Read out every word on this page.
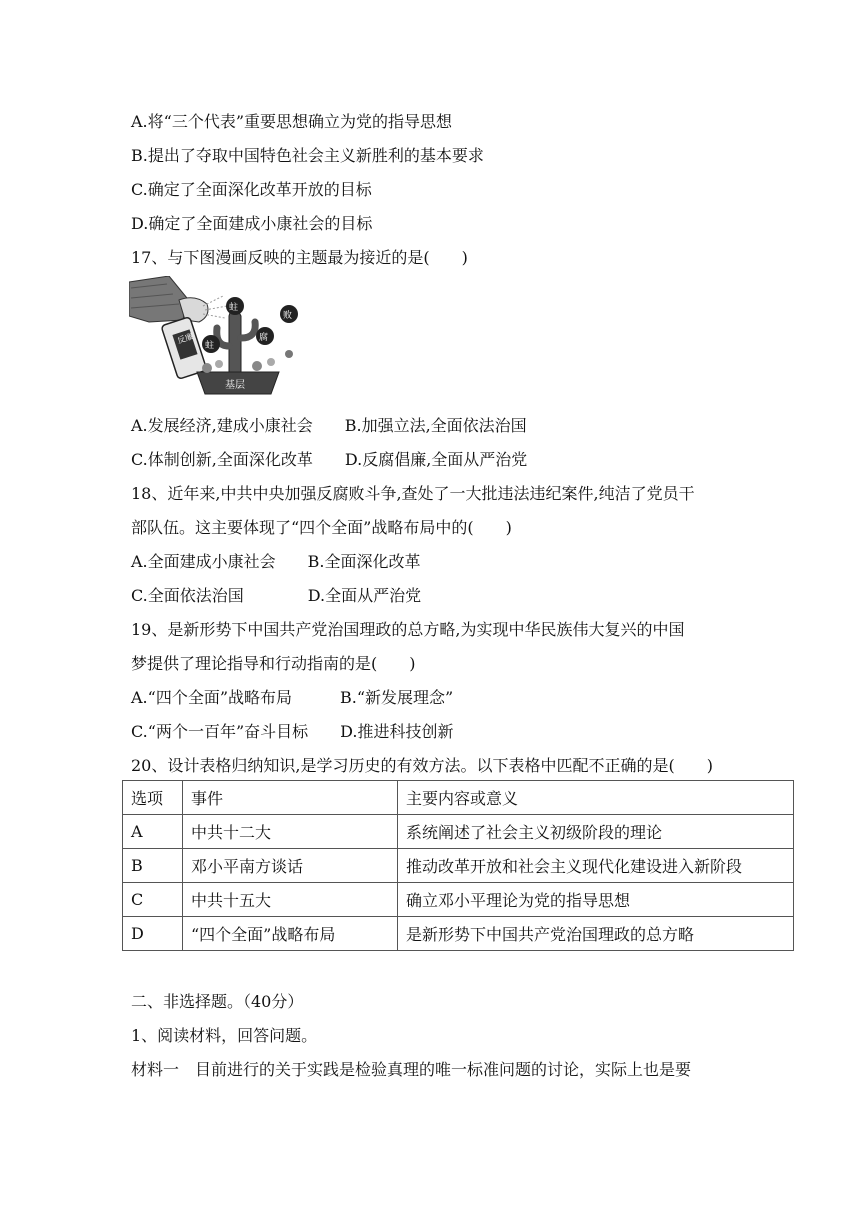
A.将“三个代表”重要思想确立为党的指导思想
B.提出了夺取中国特色社会主义新胜利的基本要求
C.确定了全面深化改革开放的目标
D.确定了全面建成小康社会的目标
17、与下图漫画反映的主题最为接近的是(　　)
反廉
基层
蛀
蛀
腐
败
A.发展经济,建成小康社会　　B.加强立法,全面依法治国
C.体制创新,全面深化改革　　D.反腐倡廉,全面从严治党
18、近年来,中共中央加强反腐败斗争,查处了一大批违法违纪案件,纯洁了党员干
部队伍。这主要体现了“四个全面”战略布局中的(　　)
A.全面建成小康社会　　B.全面深化改革
C.全面依法治国　　　　D.全面从严治党
19、是新形势下中国共产党治国理政的总方略,为实现中华民族伟大复兴的中国
梦提供了理论指导和行动指南的是(　　)
A.“四个全面”战略布局　　　B.“新发展理念”
C.“两个一百年”奋斗目标　　D.推进科技创新
20、设计表格归纳知识,是学习历史的有效方法。以下表格中匹配不正确的是(　　)
选项	事件	主要内容或意义
A	中共十二大	系统阐述了社会主义初级阶段的理论
B	邓小平南方谈话	推动改革开放和社会主义现代化建设进入新阶段
C	中共十五大	确立邓小平理论为党的指导思想
D	“四个全面”战略布局	是新形势下中国共产党治国理政的总方略
二、非选择题。（40分）
1、阅读材料，回答问题。
材料一　目前进行的关于实践是检验真理的唯一标准问题的讨论，实际上也是要
